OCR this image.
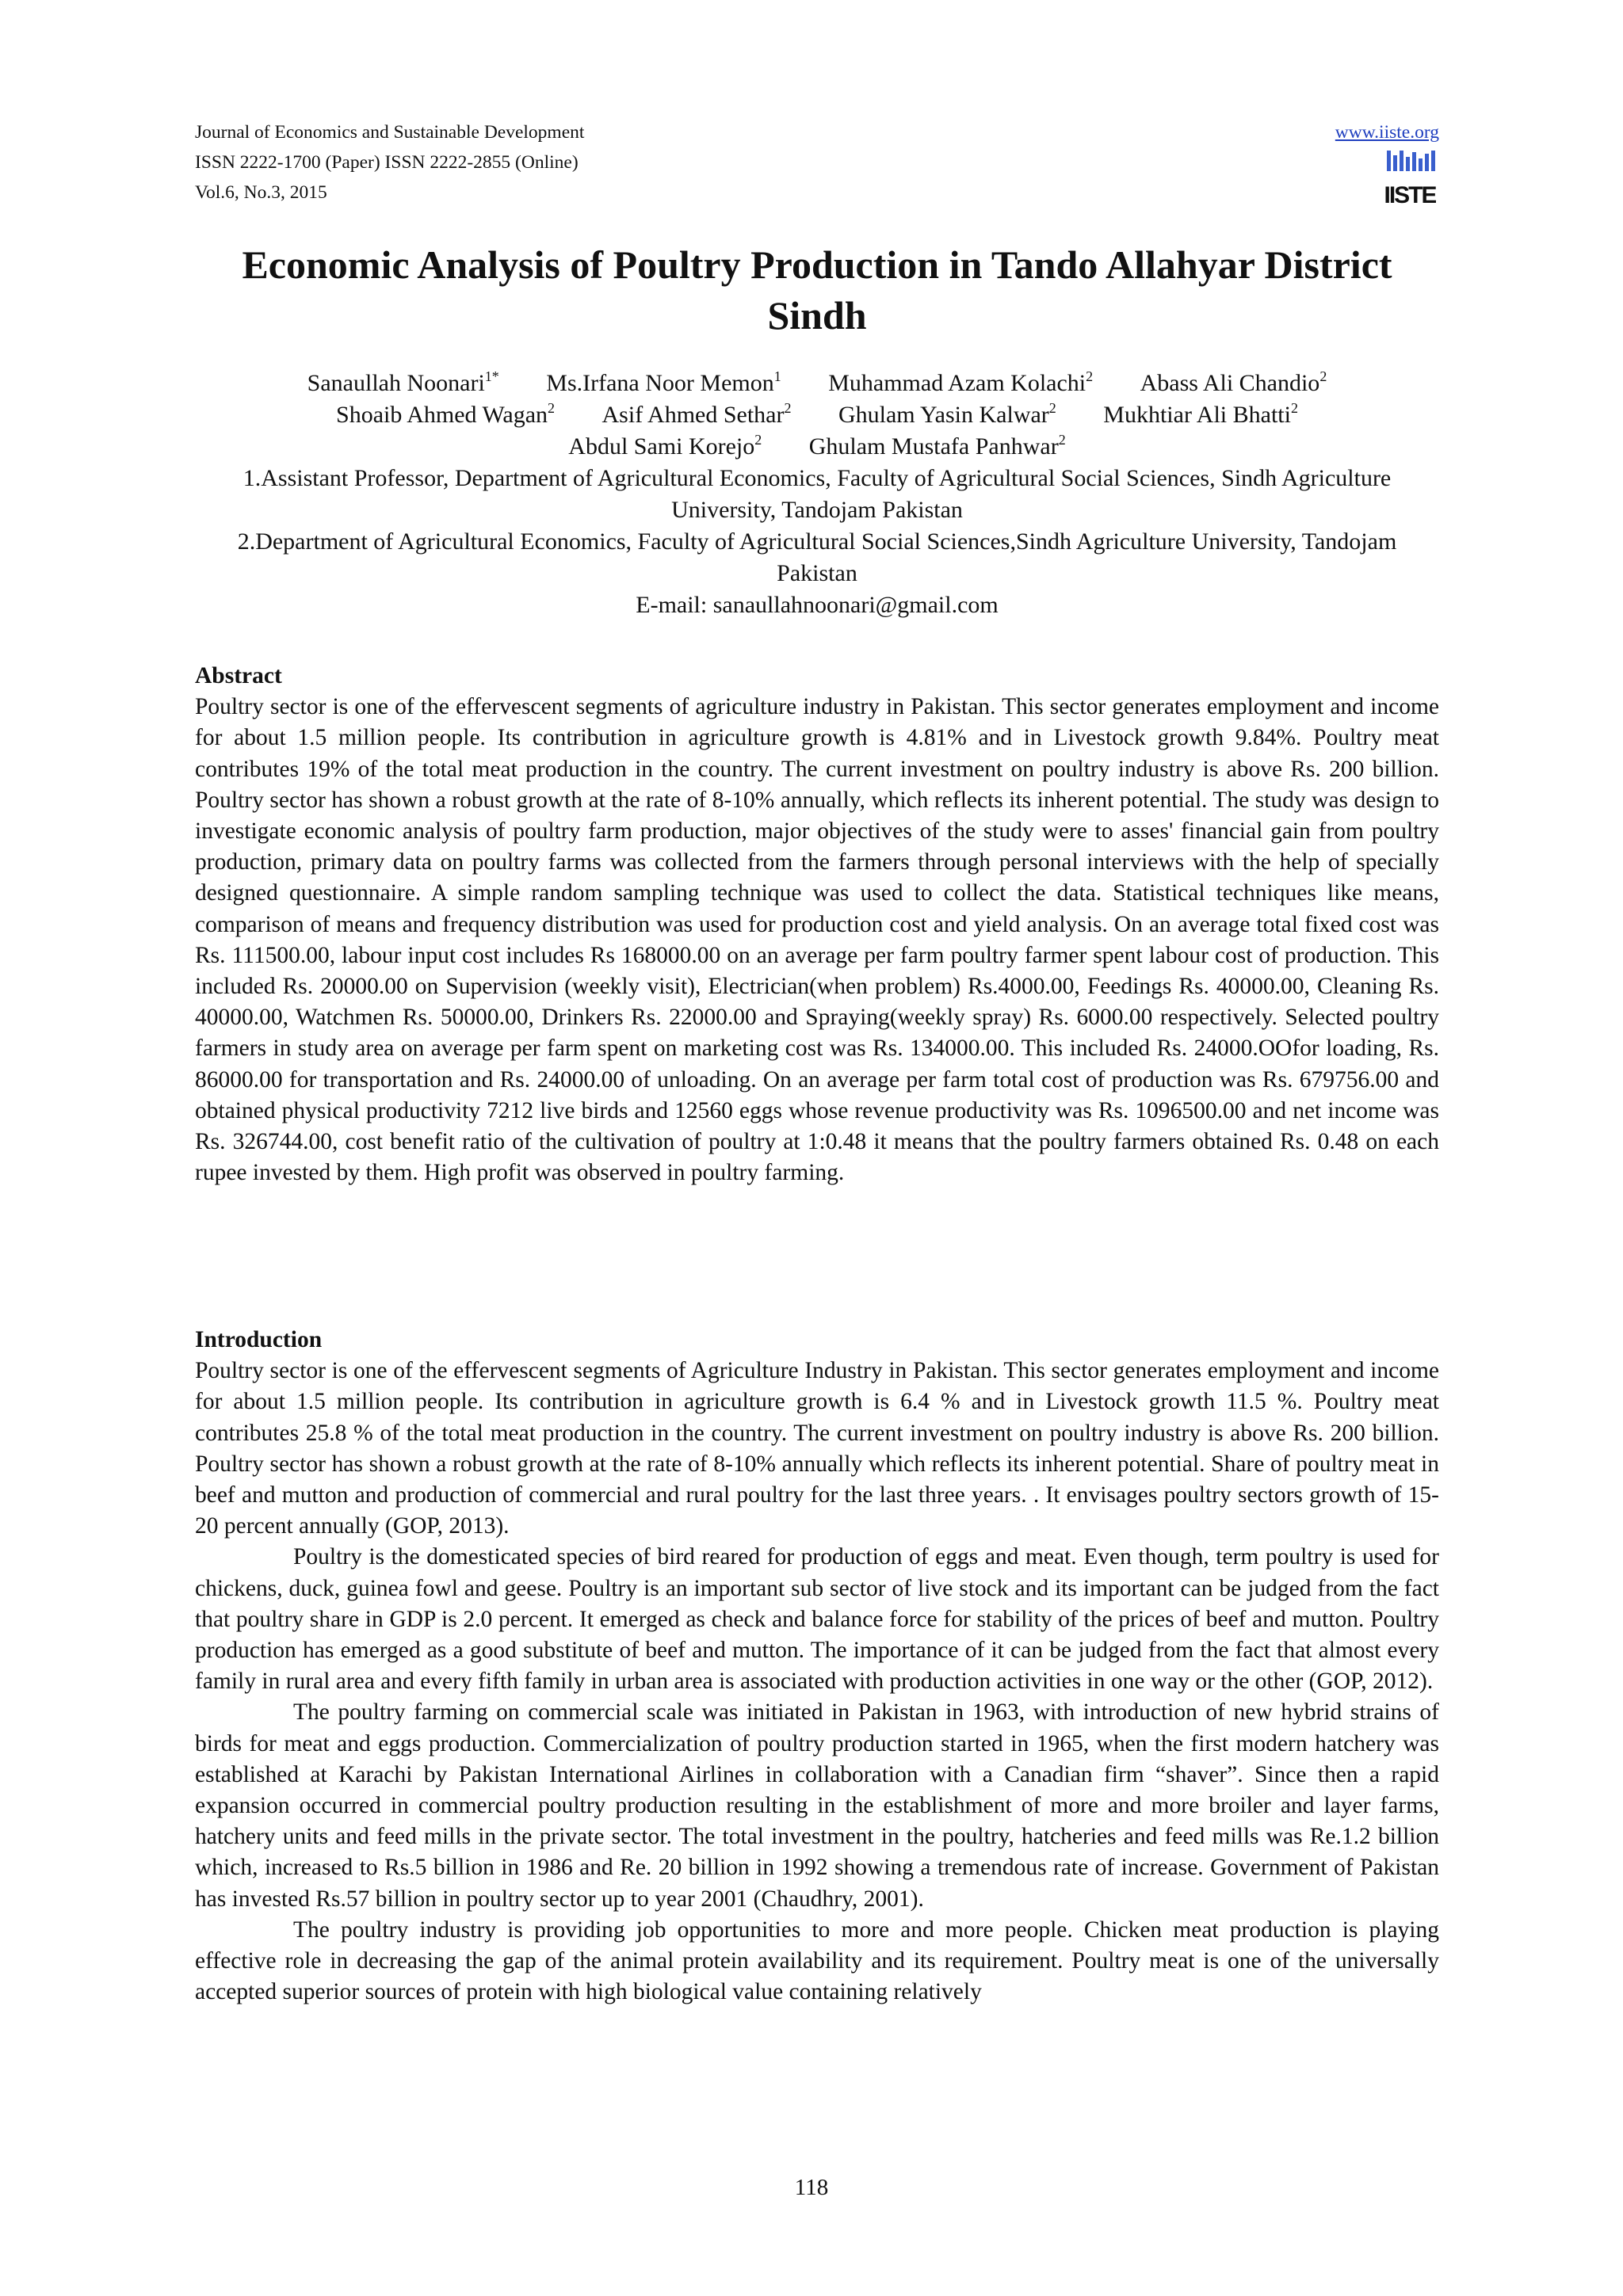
Journal of Economics and Sustainable Development
ISSN 2222-1700 (Paper) ISSN 2222-2855 (Online)
Vol.6, No.3, 2015
www.iiste.org
IISTE
Economic Analysis of Poultry Production in Tando Allahyar District Sindh
Sanaullah Noonari$^{1*}$ Ms.Irfana Noor Memon$^1$ Muhammad Azam Kolachi$^2$ Abass Ali Chandio$^2$
Shoaib Ahmed Wagan$^2$ Asif Ahmed Sethar$^2$ Ghulam Yasin Kalwar$^2$ Mukhtiar Ali Bhatti$^2$
Abdul Sami Korejo$^2$ Ghulam Mustafa Panhwar$^2$
1.Assistant Professor, Department of Agricultural Economics, Faculty of Agricultural Social Sciences, Sindh Agriculture University, Tandojam Pakistan
2.Department of Agricultural Economics, Faculty of Agricultural Social Sciences,Sindh Agriculture University, Tandojam Pakistan
E-mail: sanaullahnoonari@gmail.com
Abstract

Poultry sector is one of the effervescent segments of agriculture industry in Pakistan. This sector generates employment and income for about 1.5 million people. Its contribution in agriculture growth is 4.81% and in Livestock growth 9.84%. Poultry meat contributes 19% of the total meat production in the country. The current investment on poultry industry is above Rs. 200 billion. Poultry sector has shown a robust growth at the rate of 8-10% annually, which reflects its inherent potential. The study was design to investigate economic analysis of poultry farm production, major objectives of the study were to asses' financial gain from poultry production, primary data on poultry farms was collected from the farmers through personal interviews with the help of specially designed questionnaire. A simple random sampling technique was used to collect the data. Statistical techniques like means, comparison of means and frequency distribution was used for production cost and yield analysis. On an average total fixed cost was Rs. 111500.00, labour input cost includes Rs 168000.00 on an average per farm poultry farmer spent labour cost of production. This included Rs. 20000.00 on Supervision (weekly visit), Electrician(when problem) Rs.4000.00, Feedings Rs. 40000.00, Cleaning Rs. 40000.00, Watchmen Rs. 50000.00, Drinkers Rs. 22000.00 and Spraying(weekly spray) Rs. 6000.00 respectively. Selected poultry farmers in study area on average per farm spent on marketing cost was Rs. 134000.00. This included Rs. 24000.OOfor loading, Rs. 86000.00 for transportation and Rs. 24000.00 of unloading. On an average per farm total cost of production was Rs. 679756.00 and obtained physical productivity 7212 live birds and 12560 eggs whose revenue productivity was Rs. 1096500.00 and net income was Rs. 326744.00, cost benefit ratio of the cultivation of poultry at 1:0.48 it means that the poultry farmers obtained Rs. 0.48 on each rupee invested by them. High profit was observed in poultry farming.

Introduction

Poultry sector is one of the effervescent segments of Agriculture Industry in Pakistan. This sector generates employment and income for about 1.5 million people. Its contribution in agriculture growth is 6.4 % and in Livestock growth 11.5 %. Poultry meat contributes 25.8 % of the total meat production in the country. The current investment on poultry industry is above Rs. 200 billion. Poultry sector has shown a robust growth at the rate of 8-10% annually which reflects its inherent potential. Share of poultry meat in beef and mutton and production of commercial and rural poultry for the last three years. . It envisages poultry sectors growth of 15-20 percent annually (GOP, 2013).

Poultry is the domesticated species of bird reared for production of eggs and meat. Even though, term poultry is used for chickens, duck, guinea fowl and geese. Poultry is an important sub sector of live stock and its important can be judged from the fact that poultry share in GDP is 2.0 percent. It emerged as check and balance force for stability of the prices of beef and mutton. Poultry production has emerged as a good substitute of beef and mutton. The importance of it can be judged from the fact that almost every family in rural area and every fifth family in urban area is associated with production activities in one way or the other (GOP, 2012).

The poultry farming on commercial scale was initiated in Pakistan in 1963, with introduction of new hybrid strains of birds for meat and eggs production. Commercialization of poultry production started in 1965, when the first modern hatchery was established at Karachi by Pakistan International Airlines in collaboration with a Canadian firm “shaver”. Since then a rapid expansion occurred in commercial poultry production resulting in the establishment of more and more broiler and layer farms, hatchery units and feed mills in the private sector. The total investment in the poultry, hatcheries and feed mills was Re.1.2 billion which, increased to Rs.5 billion in 1986 and Re. 20 billion in 1992 showing a tremendous rate of increase. Government of Pakistan has invested Rs.57 billion in poultry sector up to year 2001 (Chaudhry, 2001).

The poultry industry is providing job opportunities to more and more people. Chicken meat production is playing effective role in decreasing the gap of the animal protein availability and its requirement. Poultry meat is one of the universally accepted superior sources of protein with high biological value containing relatively

118
